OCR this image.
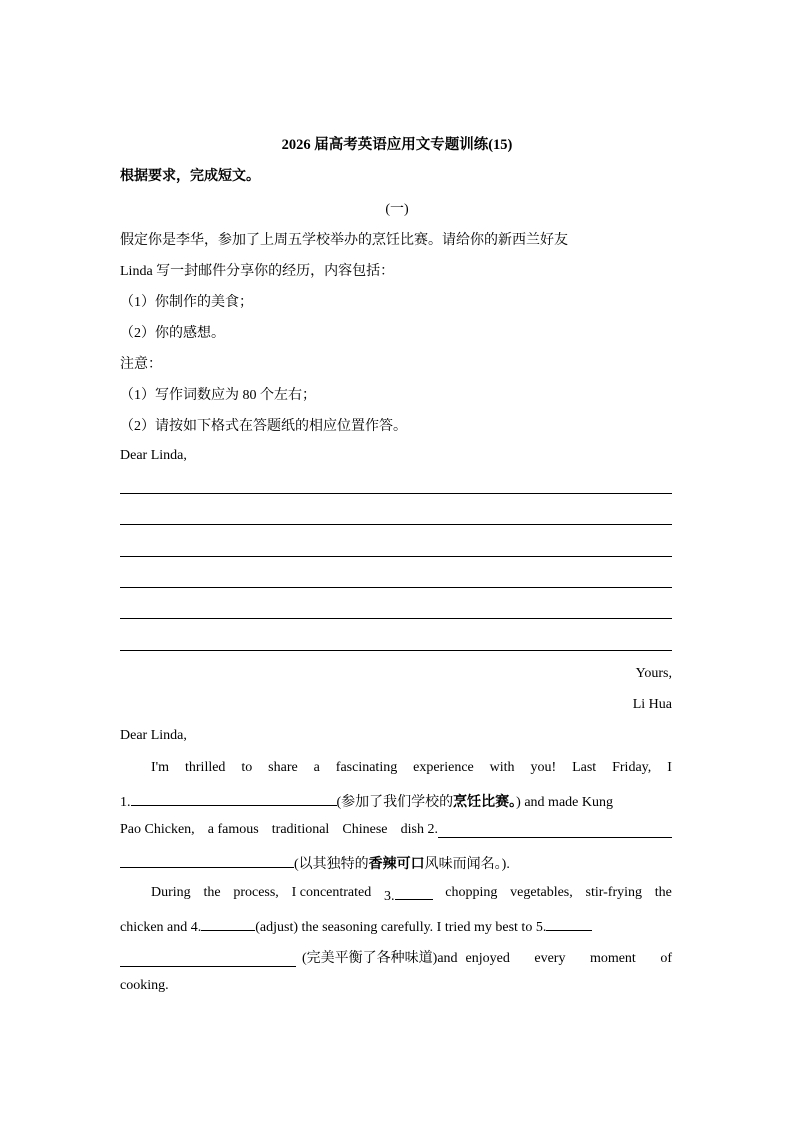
2026 届高考英语应用文专题训练(15)
根据要求，完成短文。
(一)
假定你是李华，参加了上周五学校举办的烹饪比赛。请给你的新西兰好友
Linda 写一封邮件分享你的经历，内容包括：
（1）你制作的美食；
（2）你的感想。
注意：
（1）写作词数应为 80 个左右；
（2）请按如下格式在答题纸的相应位置作答。
Dear Linda,
Yours,
Li Hua
Dear Linda,
I'm thrilled to share a fascinating experience with you! Last Friday, I
1.	(参加了我们学校的烹饪比赛。) and made Kung
Pao Chicken, a famous traditional Chinese dish 2.
(以其独特的香辣可口风味而闻名。).
During the process, I concentrated 3.	chopping vegetables, stir-frying the
chicken and 4.	(adjust) the seasoning carefully. I tried my best to 5.
(完美平衡了各种味道)and enjoyed every moment of
cooking.
